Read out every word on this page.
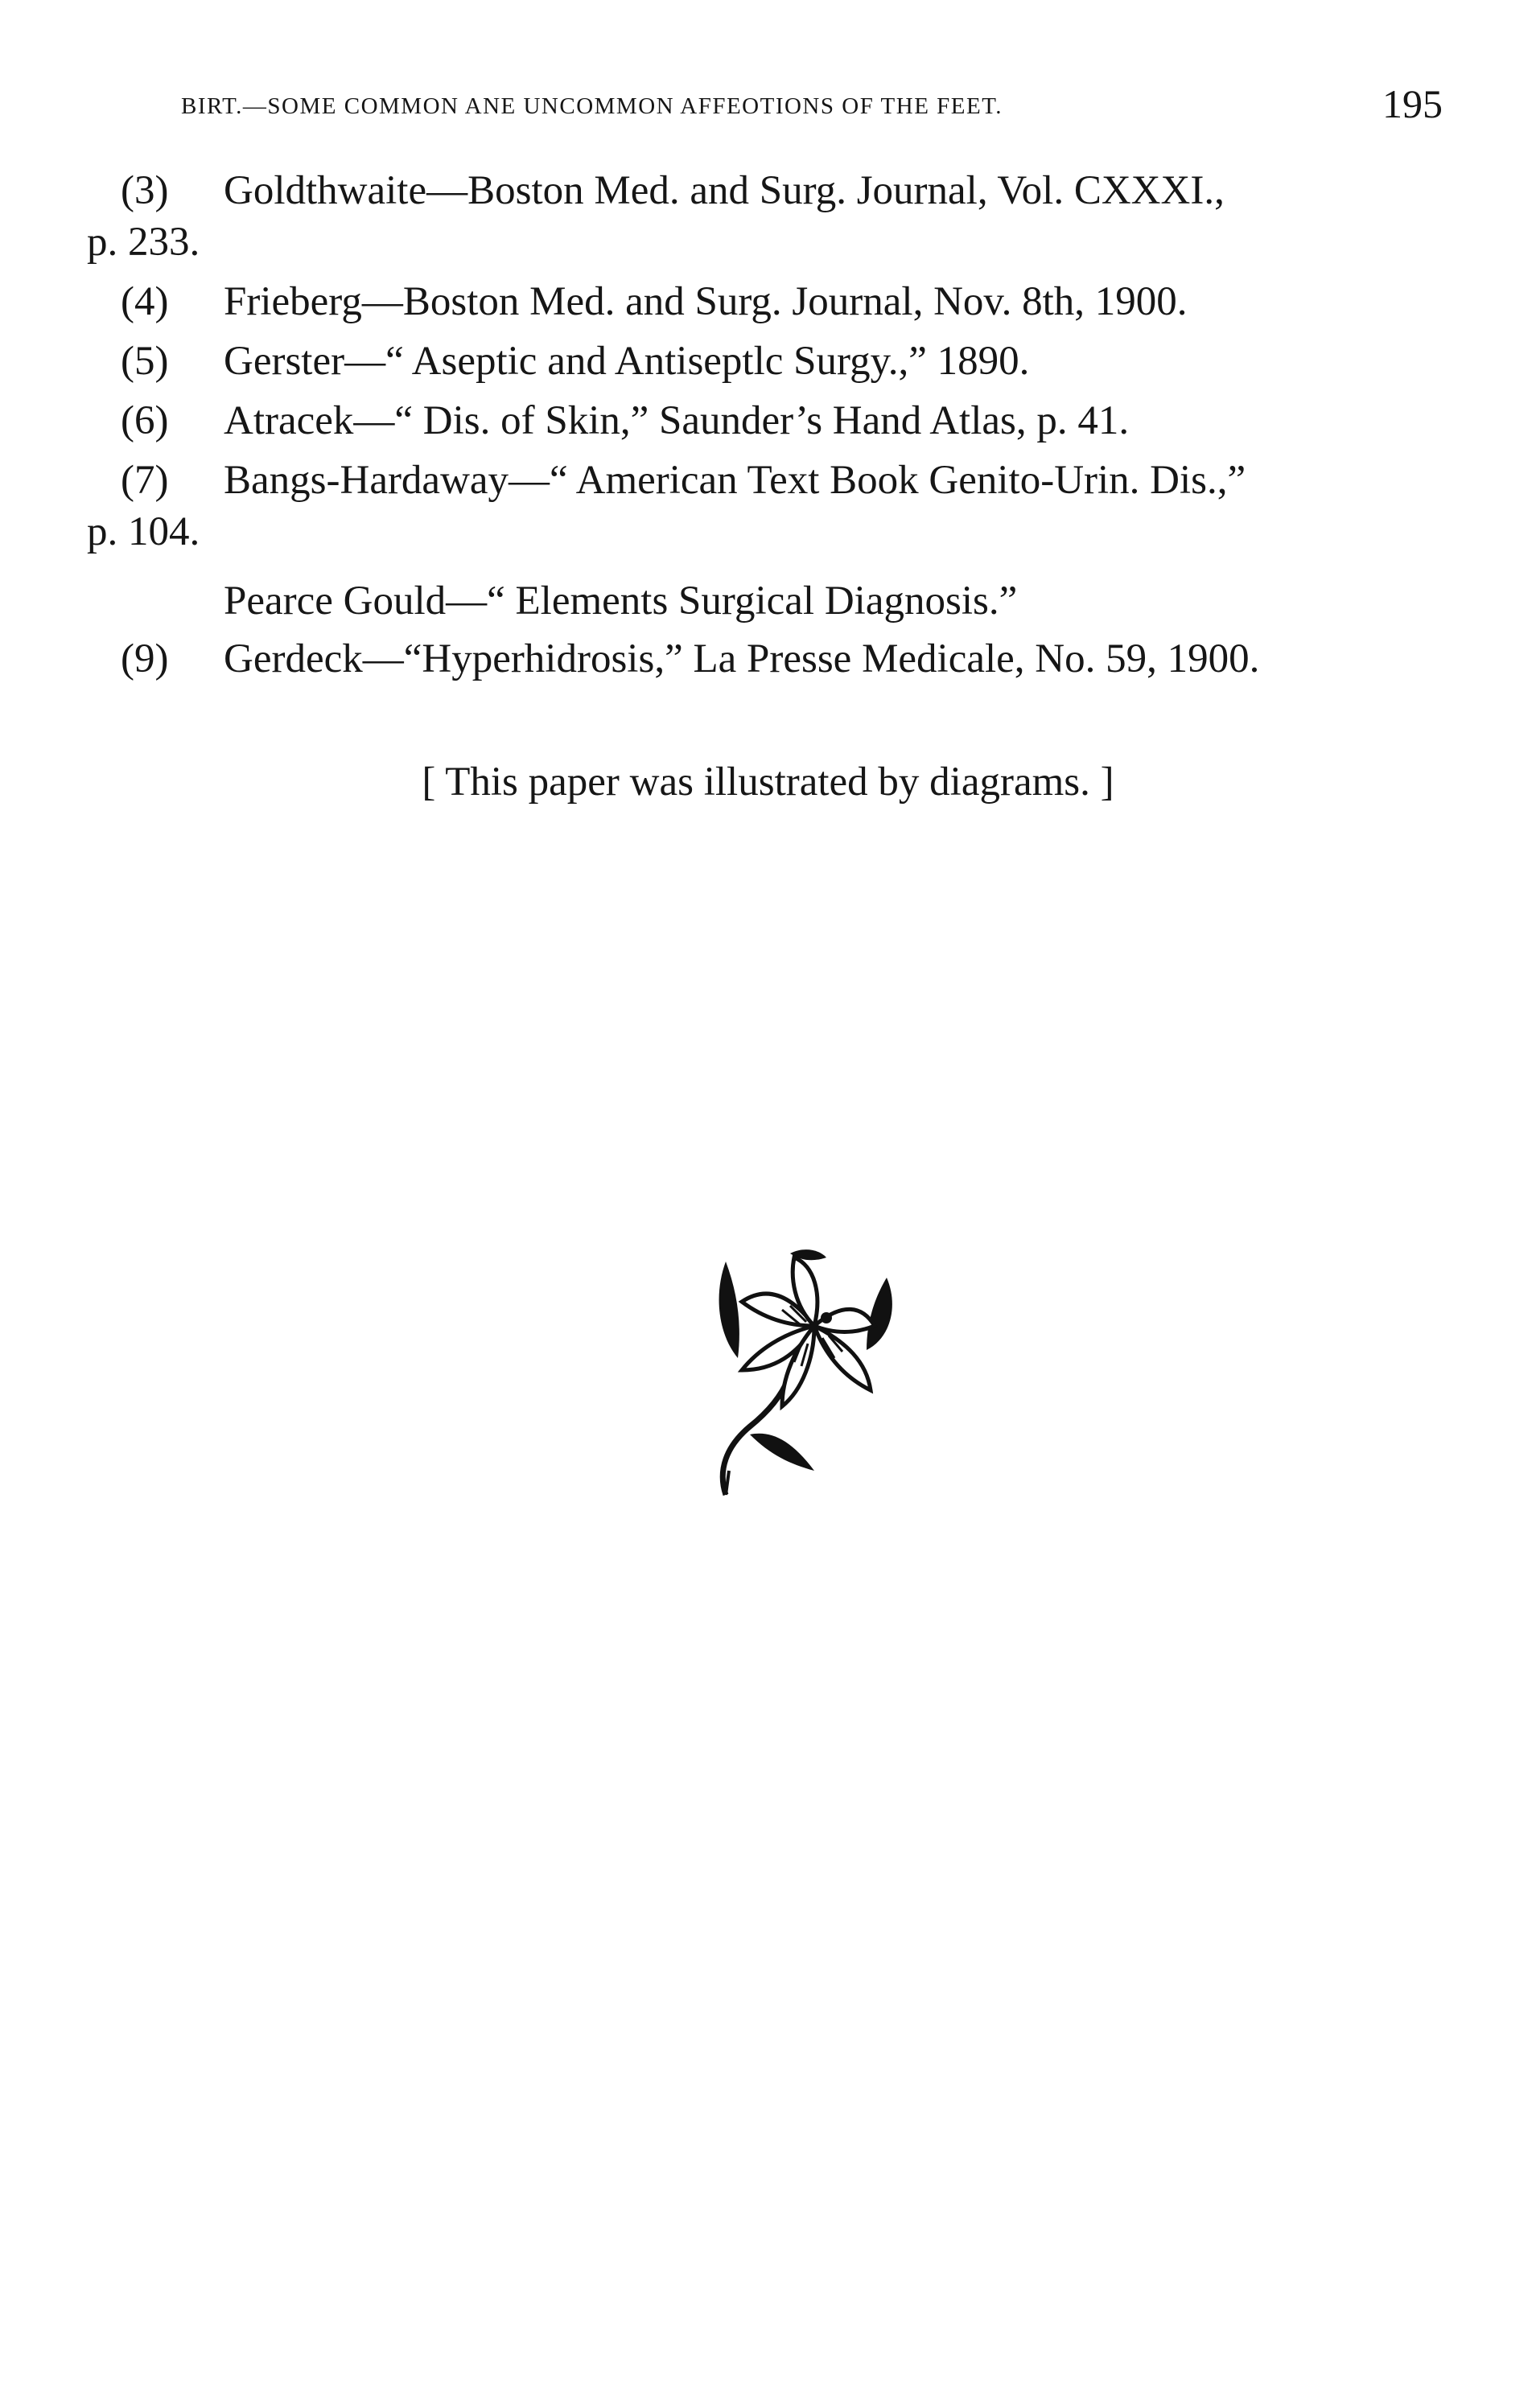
BIRT.—SOME COMMON ANE UNCOMMON AFFEOTIONS OF THE FEET.	195
(3) Goldthwaite—Boston Med. and Surg. Journal, Vol. CXXXI.,
p. 233.
(4) Frieberg—Boston Med. and Surg. Journal, Nov. 8th, 1900.
(5) Gerster—“ Aseptic and Antiseptlc Surgy.,” 1890.
(6) Atracek—“ Dis. of Skin,” Saunder’s Hand Atlas, p. 41.
(7) Bangs-Hardaway—“ American Text Book Genito-Urin. Dis.,”
p. 104.
Pearce Gould—“ Elements Surgical Diagnosis.”
(9) Gerdeck—“Hyperhidrosis,” La Presse Medicale, No. 59, 1900.
[ This paper was illustrated by diagrams. ]
